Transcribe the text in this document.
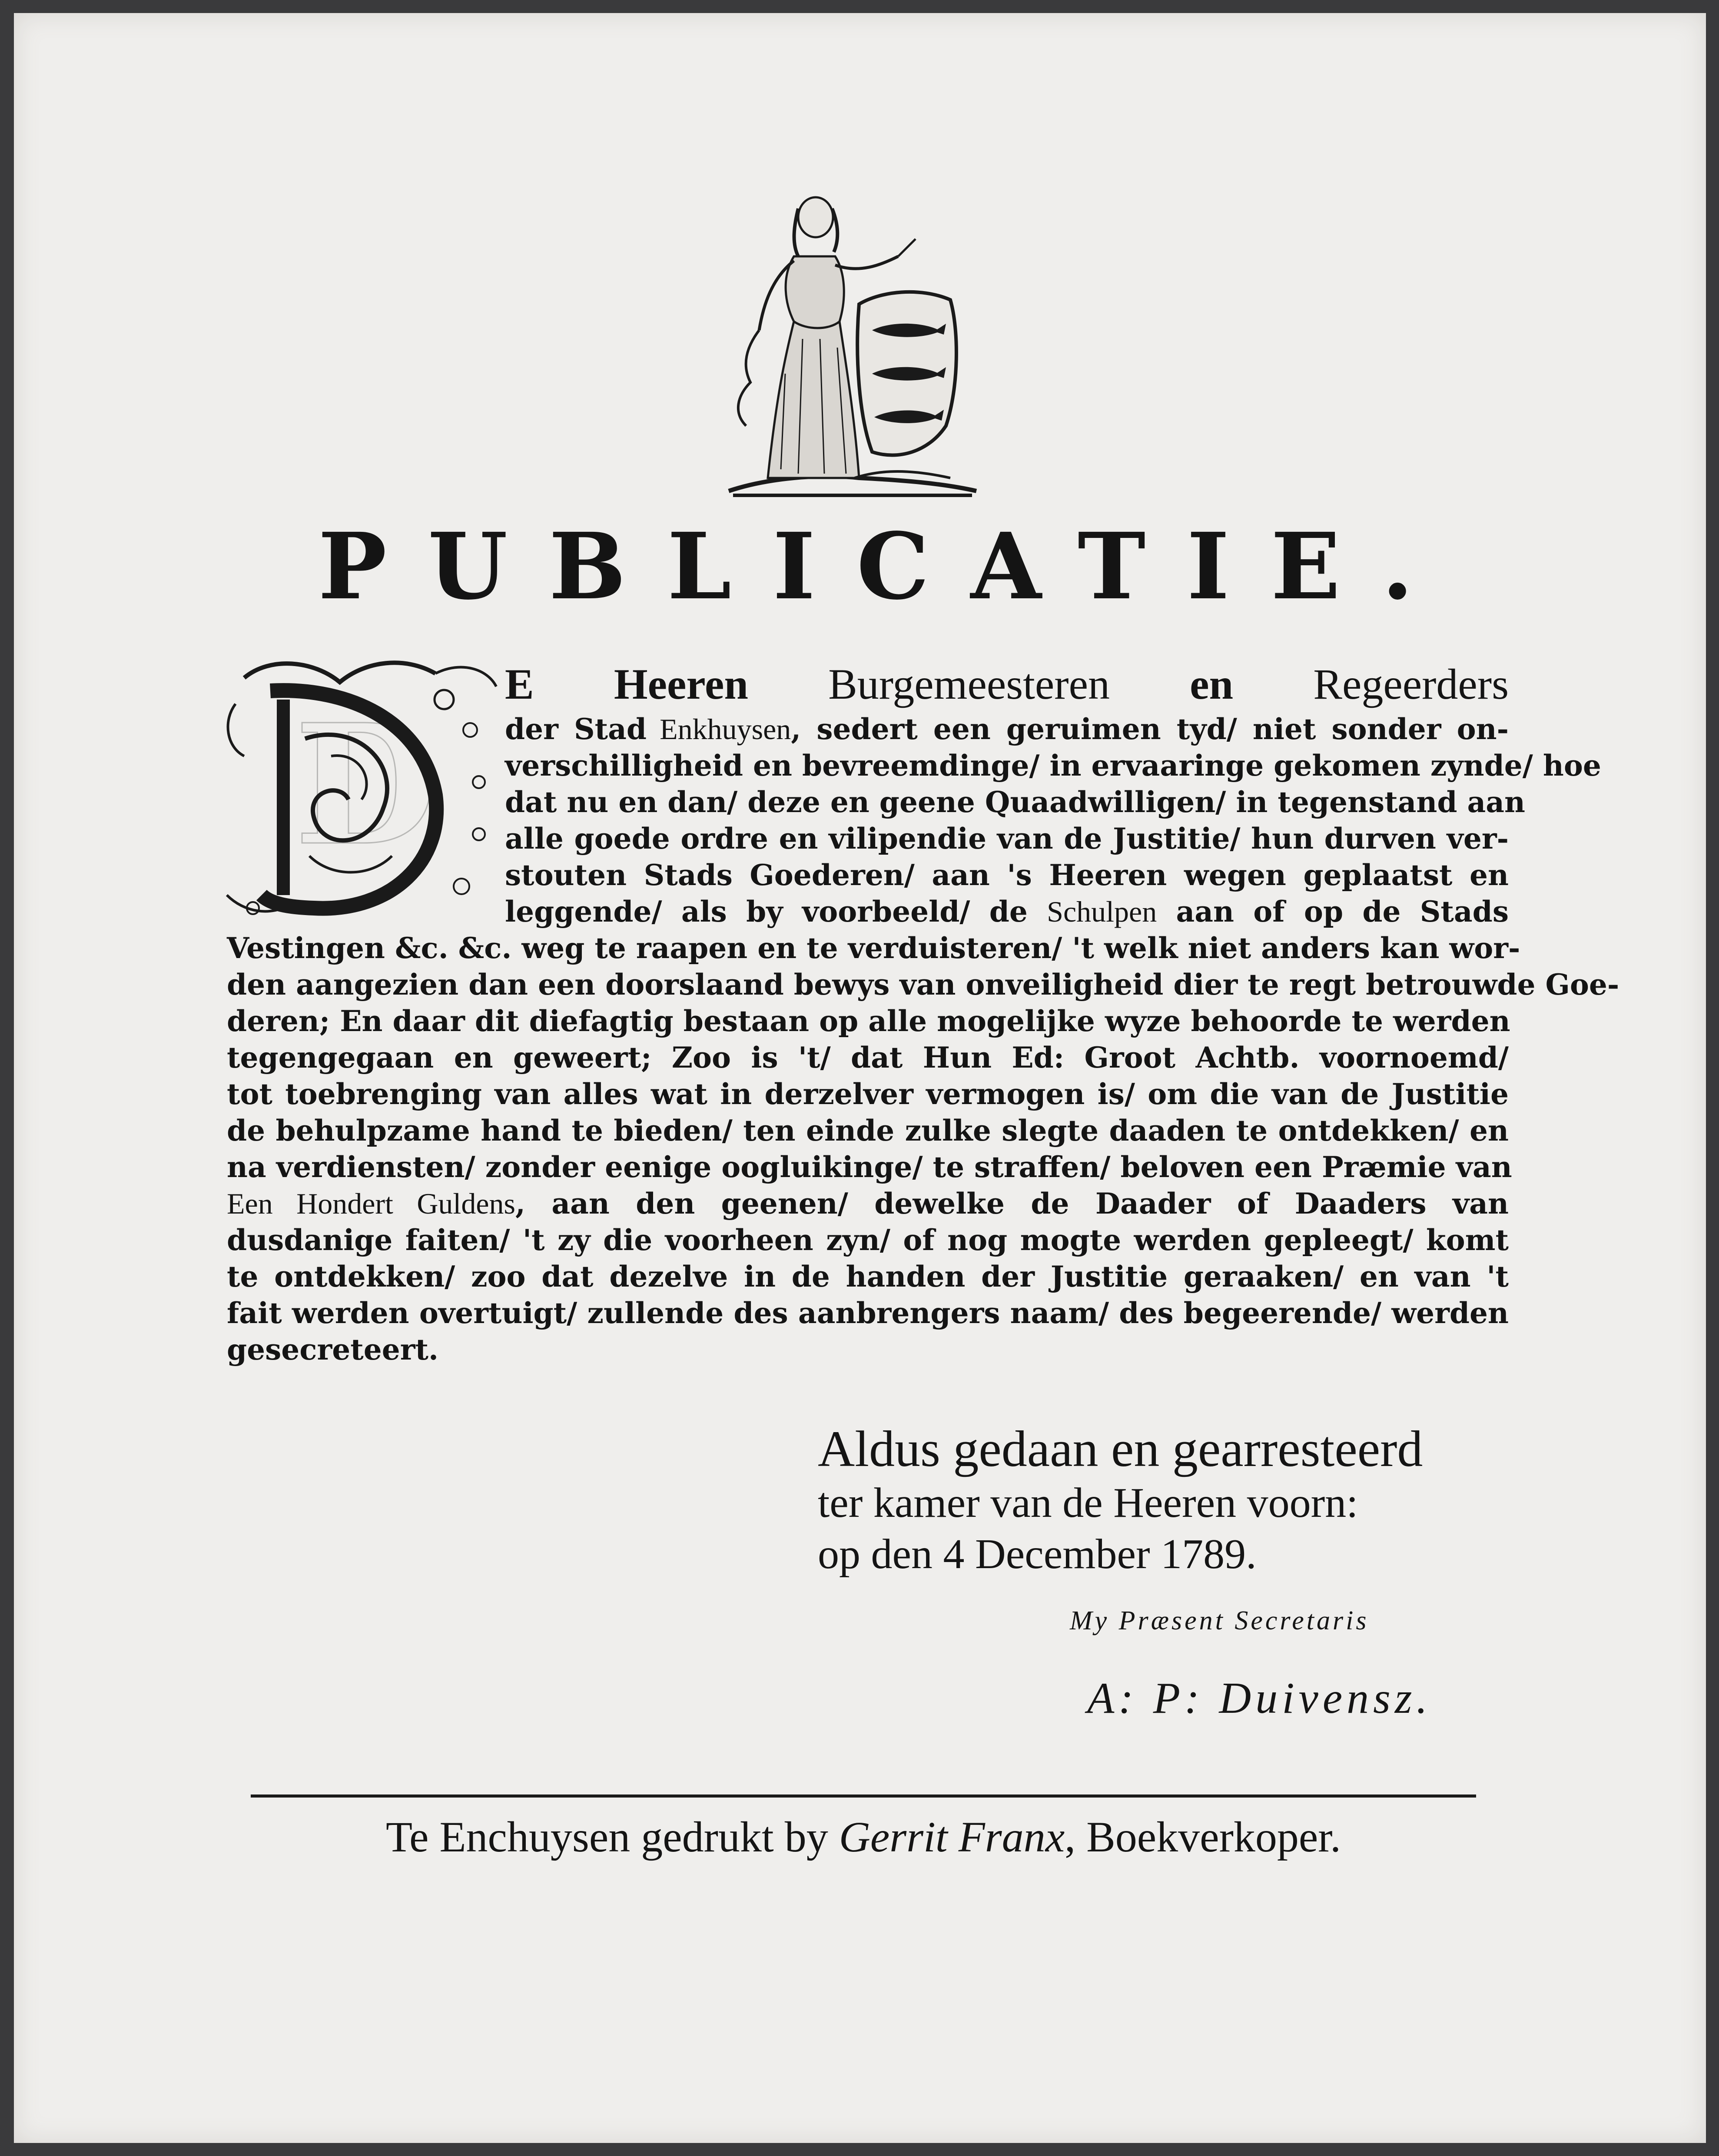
PUBLICATIE.
D
E Heeren Burgemeesteren en Regeerders
der Stad Enkhuysen, sedert een geruimen tyd/ niet sonder on-
verschilligheid en bevreemdinge/ in ervaaringe gekomen zynde/ hoe
dat nu en dan/ deze en geene Quaadwilligen/ in tegenstand aan
alle goede ordre en vilipendie van de Justitie/ hun durven ver-
stouten Stads Goederen/ aan 's Heeren wegen geplaatst en
leggende/ als by voorbeeld/ de Schulpen aan of op de Stads
Vestingen &c. &c. weg te raapen en te verduisteren/ 't welk niet anders kan wor-
den aangezien dan een doorslaand bewys van onveiligheid dier te regt betrouwde Goe-
deren; En daar dit diefagtig bestaan op alle mogelijke wyze behoorde te werden
tegengegaan en geweert; Zoo is 't/ dat Hun Ed: Groot Achtb. voornoemd/
tot toebrenging van alles wat in derzelver vermogen is/ om die van de Justitie
de behulpzame hand te bieden/ ten einde zulke slegte daaden te ontdekken/ en
na verdiensten/ zonder eenige oogluikinge/ te straffen/ beloven een Præmie van
Een Hondert Guldens, aan den geenen/ dewelke de Daader of Daaders van
dusdanige faiten/ 't zy die voorheen zyn/ of nog mogte werden gepleegt/ komt
te ontdekken/ zoo dat dezelve in de handen der Justitie geraaken/ en van 't
fait werden overtuigt/ zullende des aanbrengers naam/ des begeerende/ werden
gesecreteert.
Aldus gedaan en gearresteerd
ter kamer van de Heeren voorn:
op den 4 December 1789.
My Præsent Secretaris
A: P: Duivensz.
Te Enchuysen gedrukt by Gerrit Franx, Boekverkoper.
